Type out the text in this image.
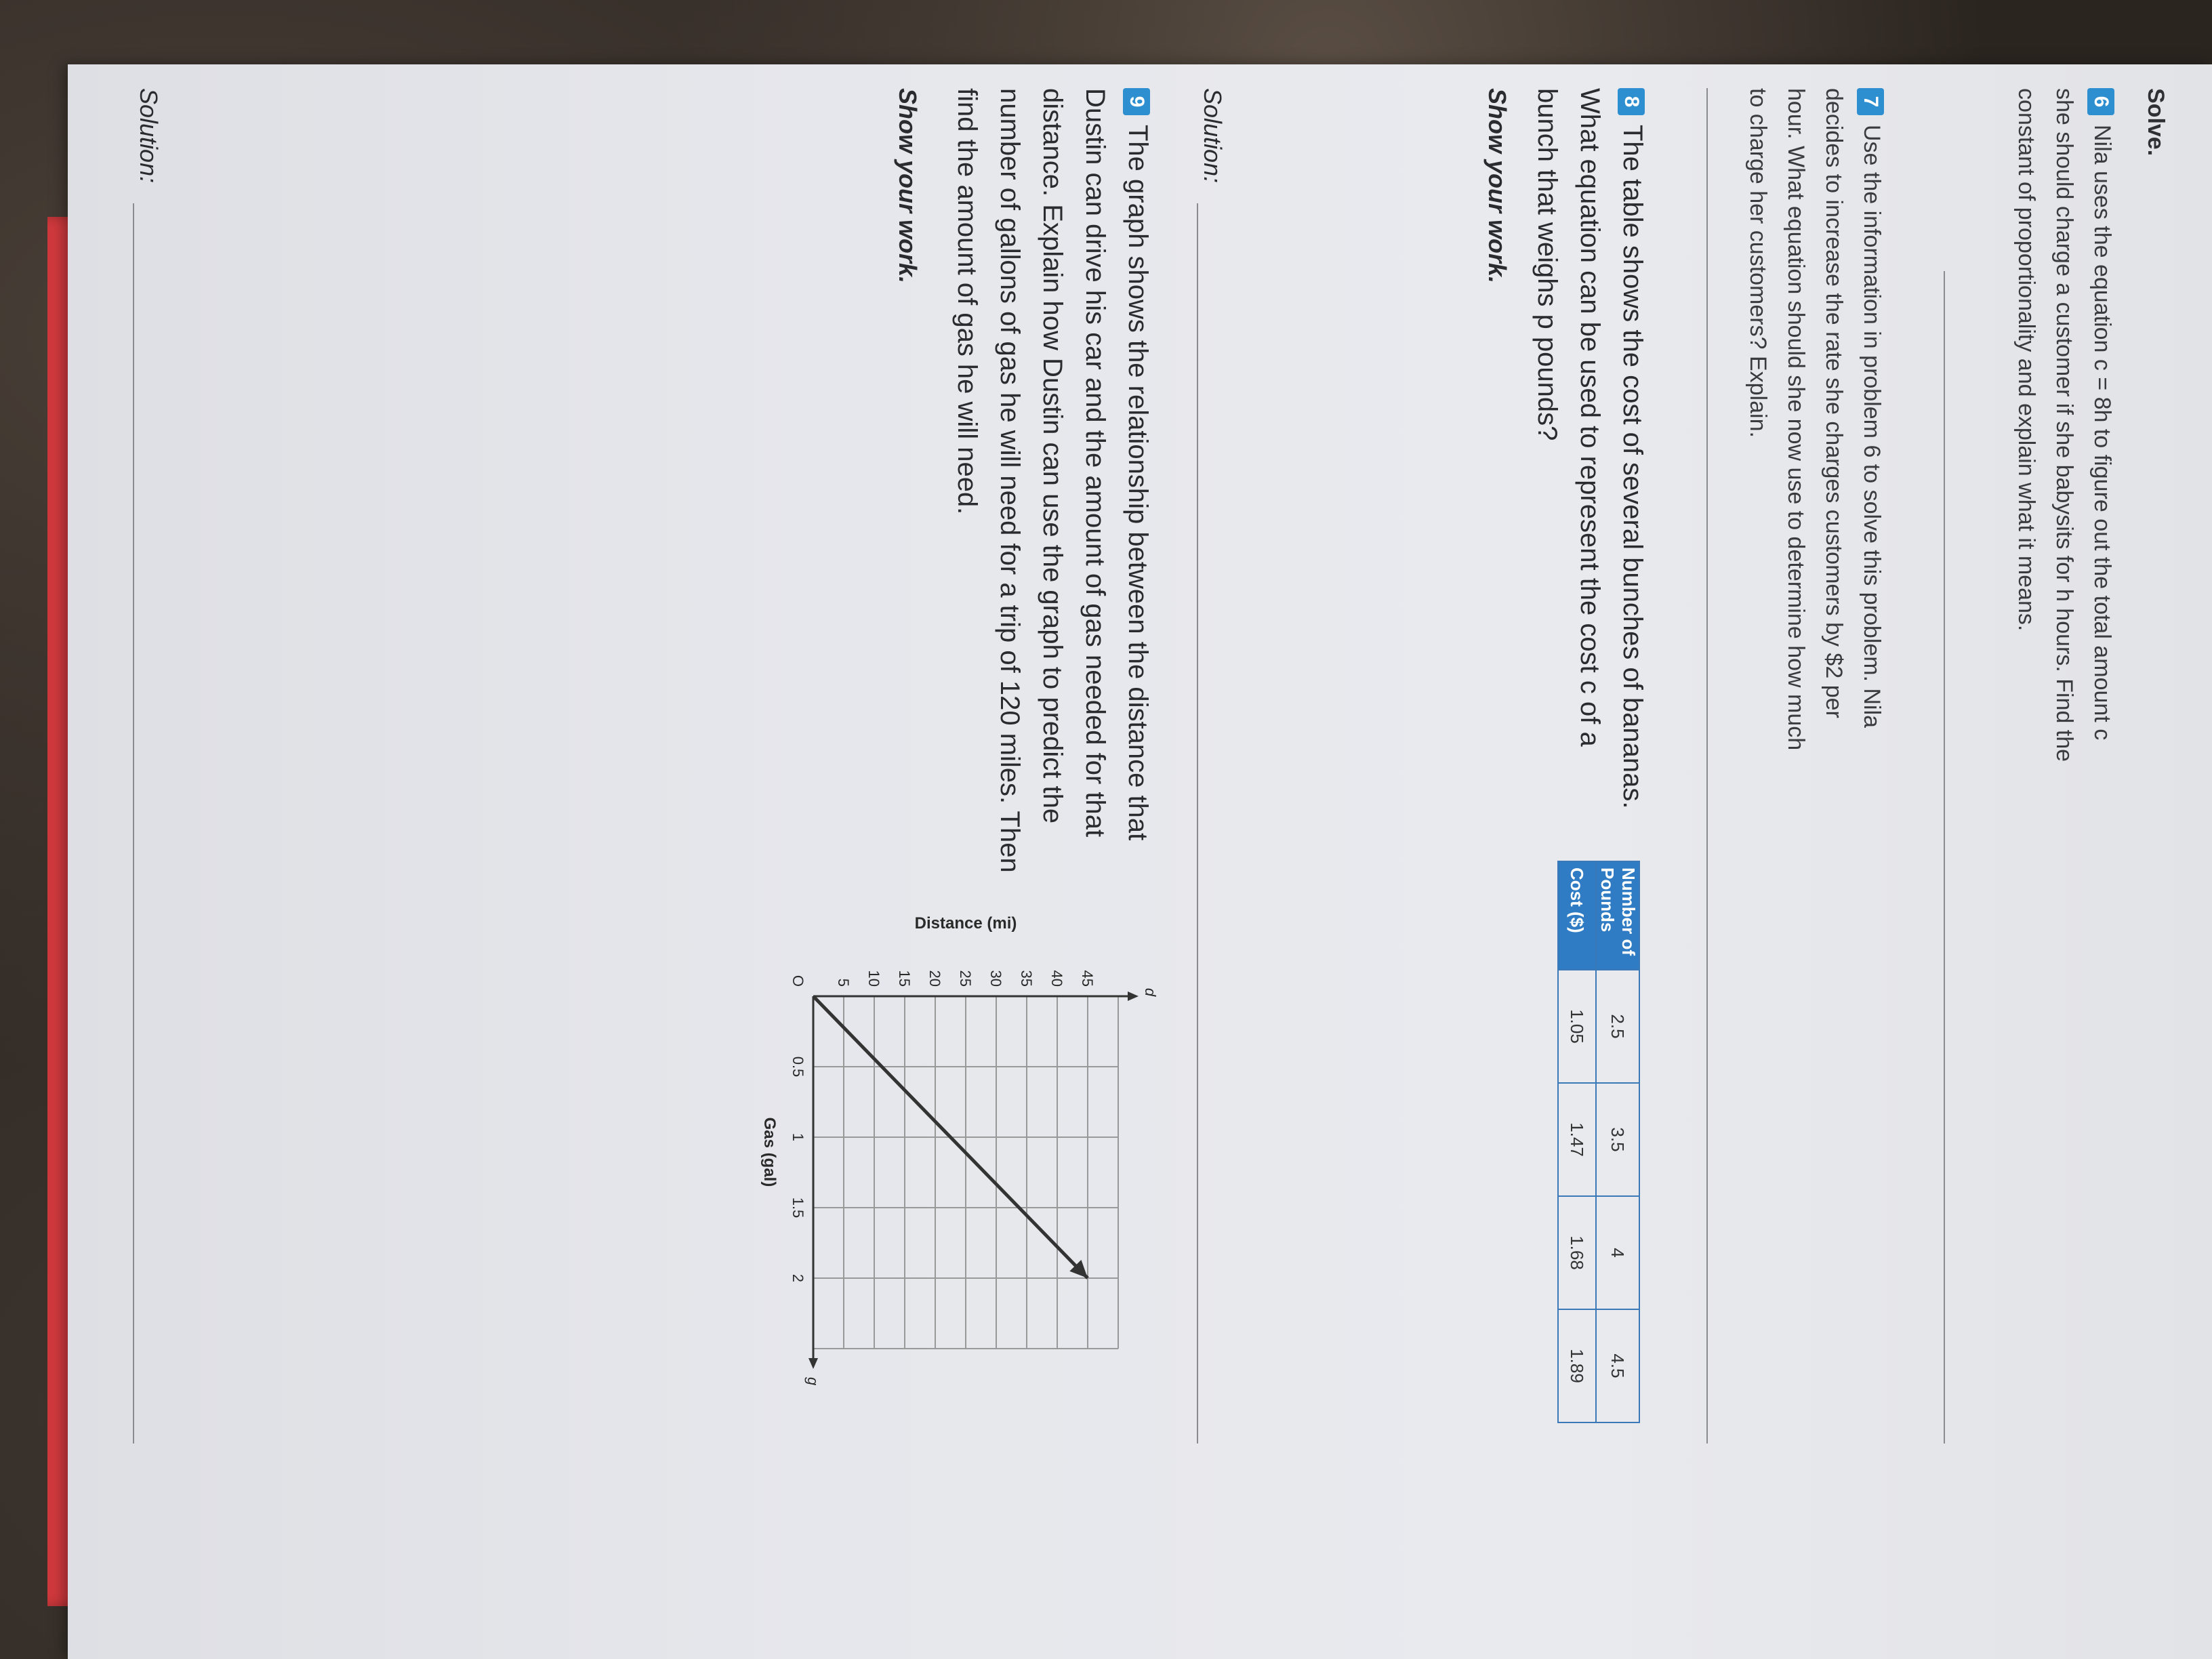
Solve.
6Nila uses the equation c = 8h to figure out the total amount c she should charge a customer if she babysits for h hours. Find the constant of proportionality and explain what it means.
7Use the information in problem 6 to solve this problem. Nila decides to increase the rate she charges customers by $2 per hour. What equation should she now use to determine how much to charge her customers? Explain.
8The table shows the cost of several bunches of bananas. What equation can be used to represent the cost c of a bunch that weighs p pounds?
Show your work.
Number of Pounds	2.5	3.5	4	4.5
Cost ($)	1.05	1.47	1.68	1.89
Solution:
9The graph shows the relationship between the distance that Dustin can drive his car and the amount of gas needed for that distance. Explain how Dustin can use the graph to predict the number of gallons of gas he will need for a trip of 120 miles. Then find the amount of gas he will need.
Show your work.
0.5
1
1.5
2
5 10 15 20 25 30 35 40 45
O
g
d
Gas (gal)
Distance (mi)
Solution:
